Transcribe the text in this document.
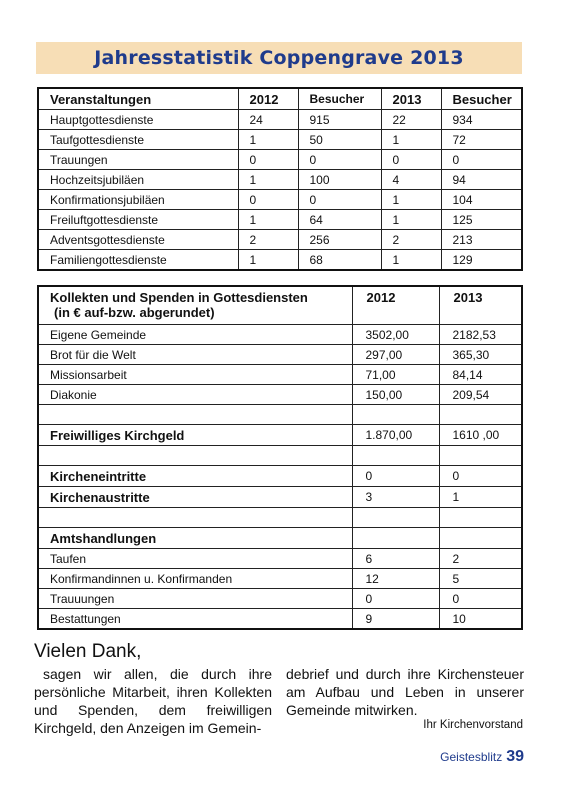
Jahresstatistik Coppengrave 2013
Veranstaltungen	2012	Besucher	2013	Besucher
Hauptgottesdienste	24	915	22	934
Taufgottesdienste	1	50	1	72
Trauungen	0	0	0	0
Hochzeitsjubiläen	1	100	4	94
Konfirmationsjubiläen	0	0	1	104
Freiluftgottesdienste	1	64	1	125
Adventsgottesdienste	2	256	2	213
Familiengottesdienste	1	68	1	129
Kollekten und Spenden in Gottesdiensten
(in € auf-bzw. abgerundet)	2012	2013
Eigene Gemeinde	3502,00	2182,53
Brot für die Welt	297,00	365,30
Missionsarbeit	71,00	84,14
Diakonie	150,00	209,54

Freiwilliges Kirchgeld	1.870,00	1610 ,00

Kircheneintritte	0	0
Kirchenaustritte	3	1

Amtshandlungen		
Taufen	6	2
Konfirmandinnen u. Konfirmanden	12	5
Trauuungen	0	0
Bestattungen	9	10
Vielen Dank,
sagen wir allen, die durch ihre persönliche Mitarbeit, ihren Kollekten und Spenden, dem freiwilligen Kirchgeld, den Anzeigen im Gemein-
debrief und durch ihre Kirchensteuer am Aufbau und Leben in unserer Gemeinde mitwirken.
Ihr Kirchenvorstand
Geistesblitz 39
